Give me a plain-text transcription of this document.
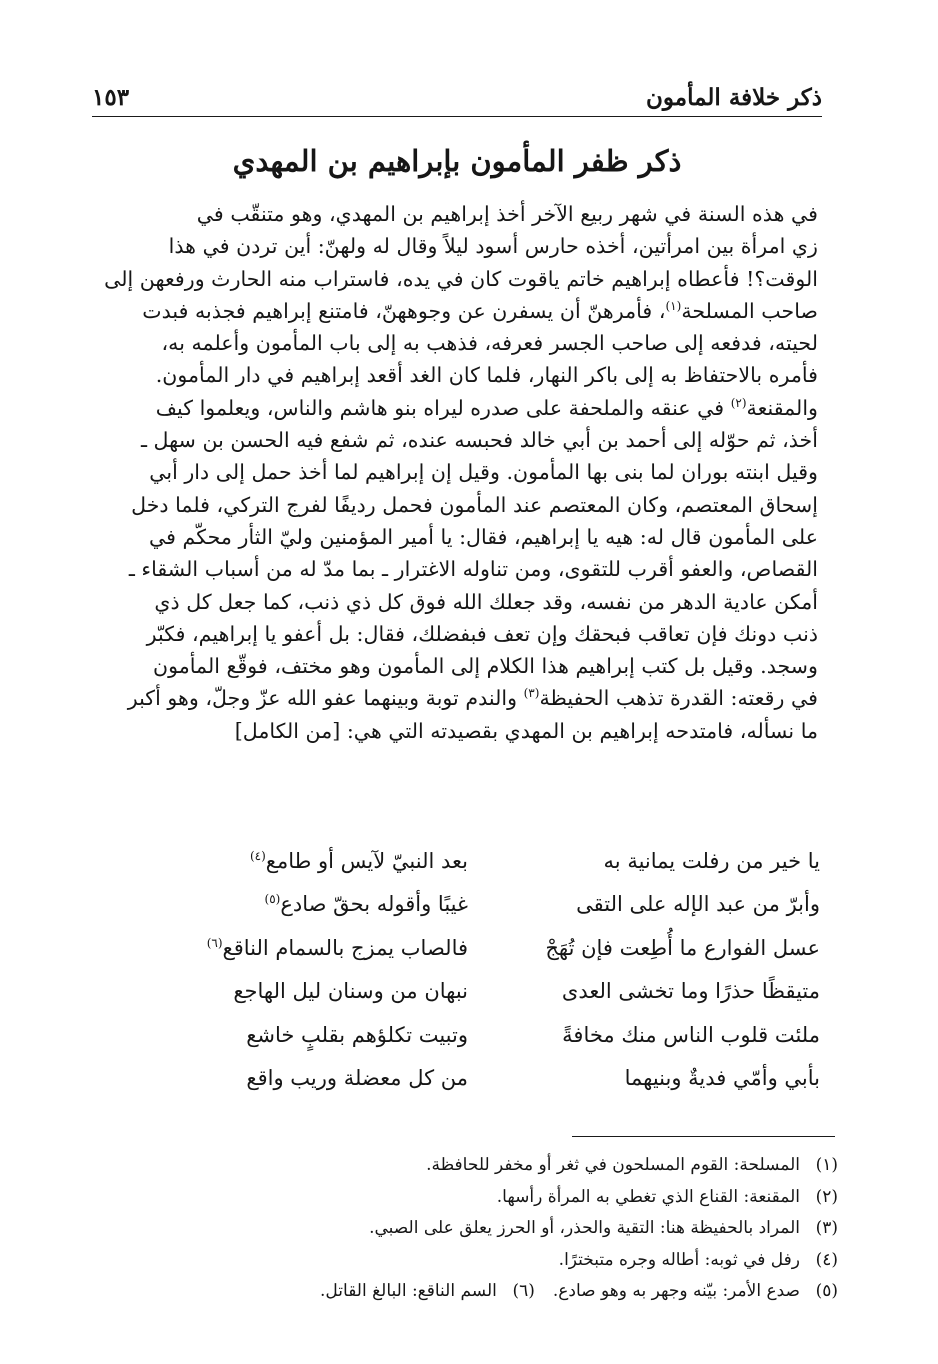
ذكر خلافة المأمون
١٥٣
ذكر ظفر المأمون بإبراهيم بن المهدي
في هذه السنة في شهر ربيع الآخر أخذ إبراهيم بن المهدي، وهو متنقّب في
زي امرأة بين امرأتين، أخذه حارس أسود ليلاً وقال له ولهنّ: أين تردن في هذا
الوقت؟! فأعطاه إبراهيم خاتم ياقوت كان في يده، فاستراب منه الحارث ورفعهن إلى
صاحب المسلحة$^{(١)}$، فأمرهنّ أن يسفرن عن وجوههنّ، فامتنع إبراهيم فجذبه فبدت
لحيته، فدفعه إلى صاحب الجسر فعرفه، فذهب به إلى باب المأمون وأعلمه به،
فأمره بالاحتفاظ به إلى باكر النهار، فلما كان الغد أقعد إبراهيم في دار المأمون.
والمقنعة$^{(٢)}$ في عنقه والملحفة على صدره ليراه بنو هاشم والناس، ويعلموا كيف
أخذ، ثم حوّله إلى أحمد بن أبي خالد فحبسه عنده، ثم شفع فيه الحسن بن سهل ـ
وقيل ابنته بوران لما بنى بها المأمون. وقيل إن إبراهيم لما أخذ حمل إلى دار أبي
إسحاق المعتصم، وكان المعتصم عند المأمون فحمل رديفًا لفرج التركي، فلما دخل
على المأمون قال له: هيه يا إبراهيم، فقال: يا أمير المؤمنين وليّ الثأر محكّم في
القصاص، والعفو أقرب للتقوى، ومن تناوله الاغترار ـ بما مدّ له من أسباب الشقاء ـ
أمكن عادية الدهر من نفسه، وقد جعلك الله فوق كل ذي ذنب، كما جعل كل ذي
ذنب دونك فإن تعاقب فبحقك وإن تعف فبفضلك، فقال: بل أعفو يا إبراهيم، فكبّر
وسجد. وقيل بل كتب إبراهيم هذا الكلام إلى المأمون وهو مختف، فوقّع المأمون
في رقعته: القدرة تذهب الحفيظة$^{(٣)}$ والندم توبة وبينهما عفو الله عزّ وجلّ، وهو أكبر
ما نسأله، فامتدحه إبراهيم بن المهدي بقصيدته التي هي: [من الكامل]
يا خير من رفلت يمانية به
بعد النبيّ لآيس أو طامع$^{(٤)}$
وأبرّ من عبد الإله على التقى
غيبًا وأقوله بحقّ صادع$^{(٥)}$
عسل الفوارع ما أُطِعت فإن تُهَجْ
فالصاب يمزج بالسمام الناقع$^{(٦)}$
متيقظًا حذرًا وما تخشى العدى
نبهان من وسنان ليل الهاجع
ملئت قلوب الناس منك مخافةً
وتبيت تكلؤهم بقلبٍ خاشع
بأبي وأمّي فديةٌ وبنيهما
من كل معضلة وريب واقع
(١)المسلحة: القوم المسلحون في ثغر أو مخفر للحافظة.
(٢)المقنعة: القناع الذي تغطي به المرأة رأسها.
(٣)المراد بالحفيظة هنا: التقية والحذر، أو الحرز يعلق على الصبي.
(٤)رفل في ثوبه: أطاله وجره متبخترًا.
(٥)صدع الأمر: بيّنه وجهر به وهو صادع.(٦)السم الناقع: البالغ القاتل.
